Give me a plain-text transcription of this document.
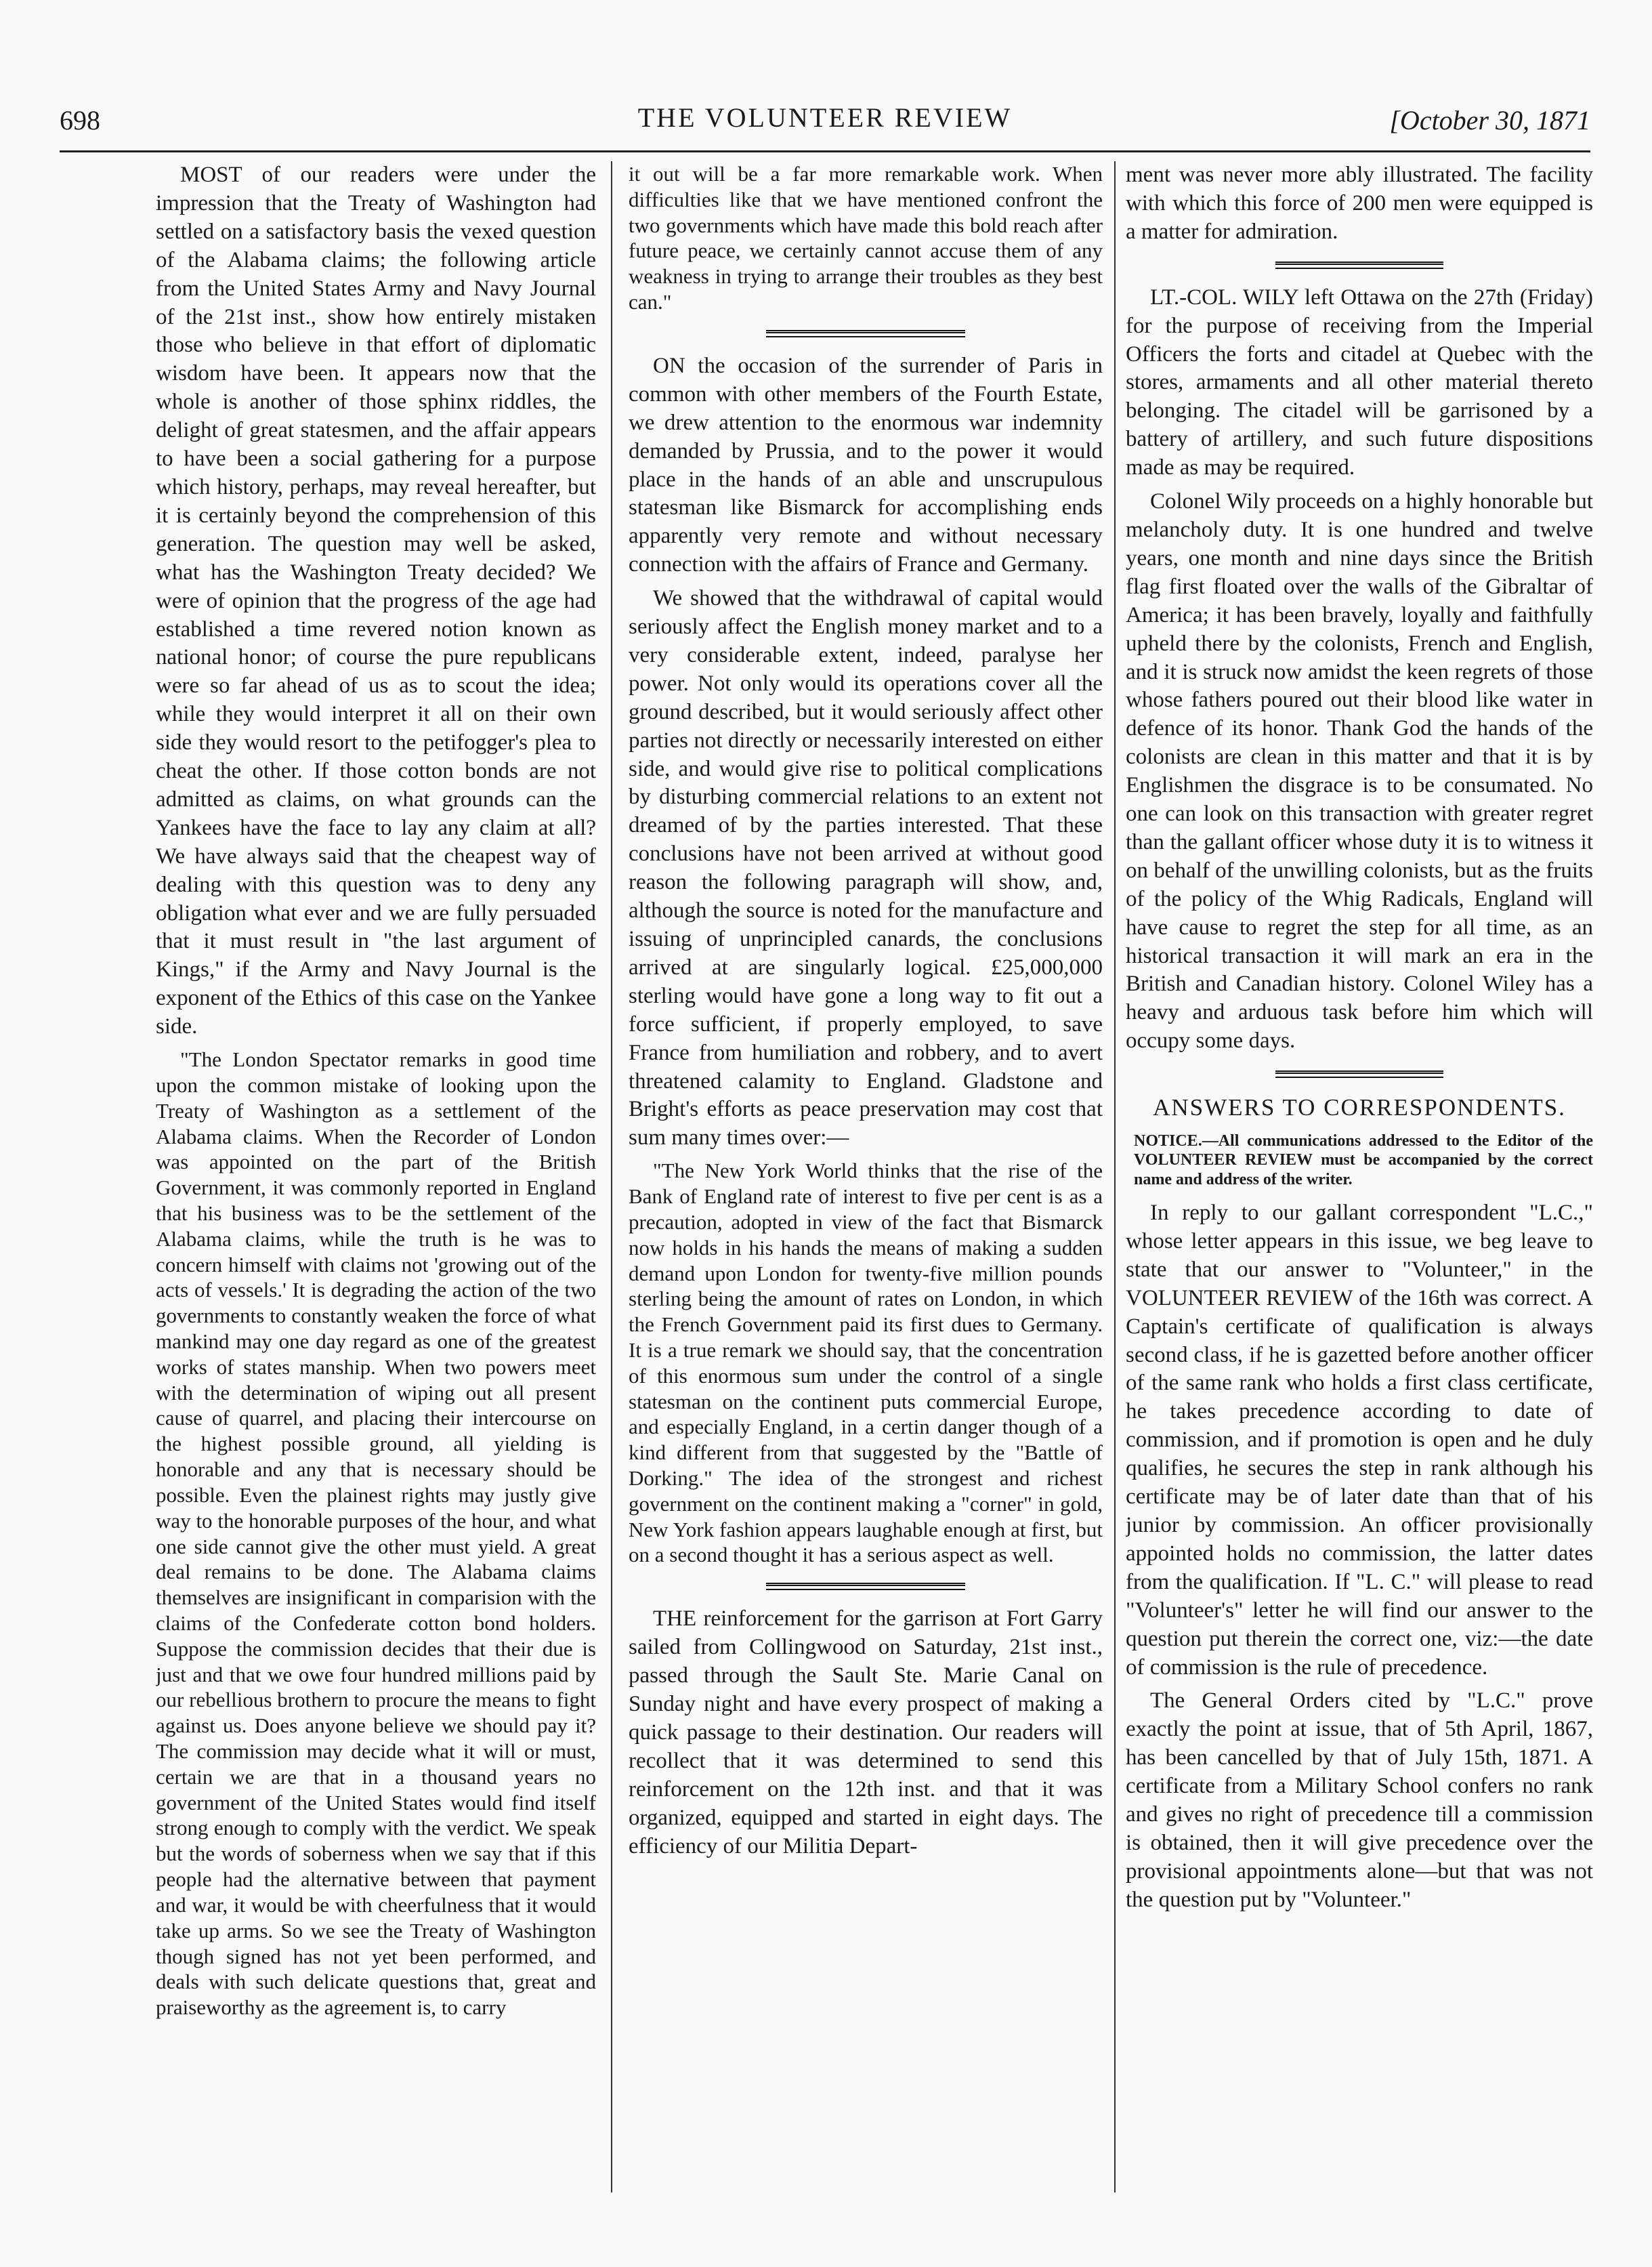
698	THE VOLUNTEER REVIEW	[October 30, 1871

MOST of our readers were under the impression that the Treaty of Washington had settled on a satisfactory basis the vexed question of the Alabama claims; the following article from the United States Army and Navy Journal of the 21st inst., show how entirely mistaken those who believe in that effort of diplomatic wisdom have been. It appears now that the whole is another of those sphinx riddles, the delight of great statesmen, and the affair appears to have been a social gathering for a purpose which history, perhaps, may reveal hereafter, but it is certainly beyond the comprehension of this generation. The question may well be asked, what has the Washington Treaty decided? We were of opinion that the progress of the age had established a time revered notion known as national honor; of course the pure republicans were so far ahead of us as to scout the idea; while they would interpret it all on their own side they would resort to the petifogger's plea to cheat the other. If those cotton bonds are not admitted as claims, on what grounds can the Yankees have the face to lay any claim at all? We have always said that the cheapest way of dealing with this question was to deny any obligation what ever and we are fully persuaded that it must result in "the last argument of Kings," if the Army and Navy Journal is the exponent of the Ethics of this case on the Yankee side.

"The London Spectator remarks in good time upon the common mistake of looking upon the Treaty of Washington as a settlement of the Alabama claims. When the Recorder of London was appointed on the part of the British Government, it was commonly reported in England that his business was to be the settlement of the Alabama claims, while the truth is he was to concern himself with claims not 'growing out of the acts of vessels.' It is degrading the action of the two governments to constantly weaken the force of what mankind may one day regard as one of the greatest works of states manship. When two powers meet with the determination of wiping out all present cause of quarrel, and placing their intercourse on the highest possible ground, all yielding is honorable and any that is necessary should be possible. Even the plainest rights may justly give way to the honorable purposes of the hour, and what one side cannot give the other must yield. A great deal remains to be done. The Alabama claims themselves are insignificant in comparision with the claims of the Confederate cotton bond holders. Suppose the commission decides that their due is just and that we owe four hundred millions paid by our rebellious brothern to procure the means to fight against us. Does anyone believe we should pay it? The commission may decide what it will or must, certain we are that in a thousand years no government of the United States would find itself strong enough to comply with the verdict. We speak but the words of soberness when we say that if this people had the alternative between that payment and war, it would be with cheerfulness that it would take up arms. So we see the Treaty of Washington though signed has not yet been performed, and deals with such delicate questions that, great and praiseworthy as the agreement is, to carry

it out will be a far more remarkable work. When difficulties like that we have mentioned confront the two governments which have made this bold reach after future peace, we certainly cannot accuse them of any weakness in trying to arrange their troubles as they best can."

ON the occasion of the surrender of Paris in common with other members of the Fourth Estate, we drew attention to the enormous war indemnity demanded by Prussia, and to the power it would place in the hands of an able and unscrupulous statesman like Bismarck for accomplishing ends apparently very remote and without necessary connection with the affairs of France and Germany.

We showed that the withdrawal of capital would seriously affect the English money market and to a very considerable extent, indeed, paralyse her power. Not only would its operations cover all the ground described, but it would seriously affect other parties not directly or necessarily interested on either side, and would give rise to political complications by disturbing commercial relations to an extent not dreamed of by the parties interested. That these conclusions have not been arrived at without good reason the following paragraph will show, and, although the source is noted for the manufacture and issuing of unprincipled canards, the conclusions arrived at are singularly logical. £25,000,000 sterling would have gone a long way to fit out a force sufficient, if properly employed, to save France from humiliation and robbery, and to avert threatened calamity to England. Gladstone and Bright's efforts as peace preservation may cost that sum many times over:—

"The New York World thinks that the rise of the Bank of England rate of interest to five per cent is as a precaution, adopted in view of the fact that Bismarck now holds in his hands the means of making a sudden demand upon London for twenty-five million pounds sterling being the amount of rates on London, in which the French Government paid its first dues to Germany. It is a true remark we should say, that the concentration of this enormous sum under the control of a single statesman on the continent puts commercial Europe, and especially England, in a certin danger though of a kind different from that suggested by the "Battle of Dorking." The idea of the strongest and richest government on the continent making a "corner" in gold, New York fashion appears laughable enough at first, but on a second thought it has a serious aspect as well.

THE reinforcement for the garrison at Fort Garry sailed from Collingwood on Saturday, 21st inst., passed through the Sault Ste. Marie Canal on Sunday night and have every prospect of making a quick passage to their destination. Our readers will recollect that it was determined to send this reinforcement on the 12th inst. and that it was organized, equipped and started in eight days. The efficiency of our Militia Depart-

ment was never more ably illustrated. The facility with which this force of 200 men were equipped is a matter for admiration.

LT.-COL. WILY left Ottawa on the 27th (Friday) for the purpose of receiving from the Imperial Officers the forts and citadel at Quebec with the stores, armaments and all other material thereto belonging. The citadel will be garrisoned by a battery of artillery, and such future dispositions made as may be required.

Colonel Wily proceeds on a highly honorable but melancholy duty. It is one hundred and twelve years, one month and nine days since the British flag first floated over the walls of the Gibraltar of America; it has been bravely, loyally and faithfully upheld there by the colonists, French and English, and it is struck now amidst the keen regrets of those whose fathers poured out their blood like water in defence of its honor. Thank God the hands of the colonists are clean in this matter and that it is by Englishmen the disgrace is to be consumated. No one can look on this transaction with greater regret than the gallant officer whose duty it is to witness it on behalf of the unwilling colonists, but as the fruits of the policy of the Whig Radicals, England will have cause to regret the step for all time, as an historical transaction it will mark an era in the British and Canadian history. Colonel Wiley has a heavy and arduous task before him which will occupy some days.

ANSWERS TO CORRESPONDENTS.

NOTICE.—All communications addressed to the Editor of the VOLUNTEER REVIEW must be accompanied by the correct name and address of the writer.

In reply to our gallant correspondent "L.C.," whose letter appears in this issue, we beg leave to state that our answer to "Volunteer," in the VOLUNTEER REVIEW of the 16th was correct. A Captain's certificate of qualification is always second class, if he is gazetted before another officer of the same rank who holds a first class certificate, he takes precedence according to date of commission, and if promotion is open and he duly qualifies, he secures the step in rank although his certificate may be of later date than that of his junior by commission. An officer provisionally appointed holds no commission, the latter dates from the qualification. If "L. C." will please to read "Volunteer's" letter he will find our answer to the question put therein the correct one, viz:—the date of commission is the rule of precedence.

The General Orders cited by "L.C." prove exactly the point at issue, that of 5th April, 1867, has been cancelled by that of July 15th, 1871. A certificate from a Military School confers no rank and gives no right of precedence till a commission is obtained, then it will give precedence over the provisional appointments alone—but that was not the question put by "Volunteer."
